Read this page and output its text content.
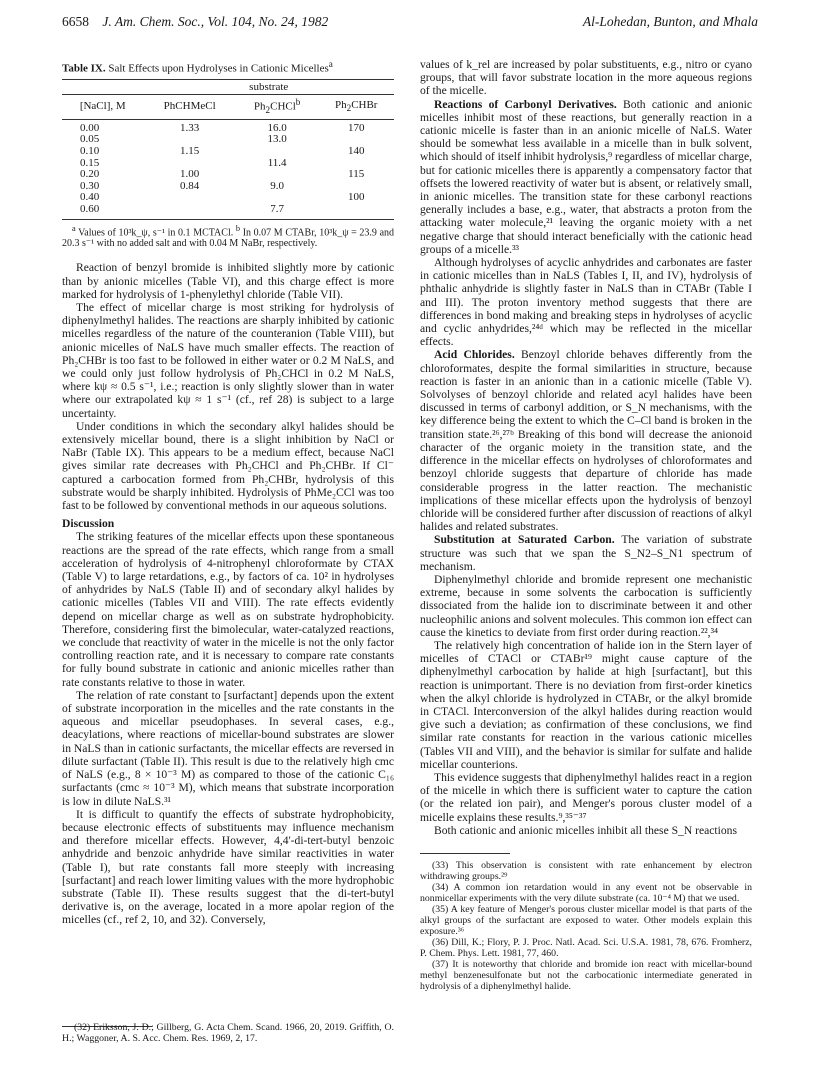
6658 J. Am. Chem. Soc., Vol. 104, No. 24, 1982	Al-Lohedan, Bunton, and Mhala

Table IX. Salt Effects upon Hydrolyses in Cationic Micelles$^a$

	substrate		
[NaCl], M	PhCHMeCl	$Ph_2CHCl^b$	$Ph_2CHBr$
0.00	1.33	16.0	170
0.05		13.0	
0.10	1.15		140
0.15		11.4	
0.20	1.00		115
0.30	0.84	9.0	
0.40			100
0.60		7.7	

$^a$ Values of 10³k_ψ, s⁻¹ in 0.1 MCTACl. $^b$ In 0.07 M CTABr, 10³k_ψ = 23.9 and 20.3 s⁻¹ with no added salt and with 0.04 M NaBr, respectively.

Reaction of benzyl bromide is inhibited slightly more by cationic than by anionic micelles (Table VI), and this charge effect is more marked for hydrolysis of 1-phenylethyl chloride (Table VII).

The effect of micellar charge is most striking for hydrolysis of diphenylmethyl halides. The reactions are sharply inhibited by cationic micelles regardless of the nature of the counteranion (Table VIII), but anionic micelles of NaLS have much smaller effects. The reaction of Ph₂CHBr is too fast to be followed in either water or 0.2 M NaLS, and we could only just follow hydrolysis of Ph₂CHCl in 0.2 M NaLS, where kψ ≈ 0.5 s⁻¹, i.e.; reaction is only slightly slower than in water where our extrapolated kψ ≈ 1 s⁻¹ (cf., ref 28) is subject to a large uncertainty.

Under conditions in which the secondary alkyl halides should be extensively micellar bound, there is a slight inhibition by NaCl or NaBr (Table IX). This appears to be a medium effect, because NaCl gives similar rate decreases with Ph₂CHCl and Ph₂CHBr. If Cl⁻ captured a carbocation formed from Ph₂CHBr, hydrolysis of this substrate would be sharply inhibited. Hydrolysis of PhMe₂CCl was too fast to be followed by conventional methods in our aqueous solutions.

Discussion

The striking features of the micellar effects upon these spontaneous reactions are the spread of the rate effects, which range from a small acceleration of hydrolysis of 4-nitrophenyl chloroformate by CTAX (Table V) to large retardations, e.g., by factors of ca. 10² in hydrolyses of anhydrides by NaLS (Table II) and of secondary alkyl halides by cationic micelles (Tables VII and VIII). The rate effects evidently depend on micellar charge as well as on substrate hydrophobicity. Therefore, considering first the bimolecular, water-catalyzed reactions, we conclude that reactivity of water in the micelle is not the only factor controlling reaction rate, and it is necessary to compare rate constants for fully bound substrate in cationic and anionic micelles rather than rate constants relative to those in water.

The relation of rate constant to [surfactant] depends upon the extent of substrate incorporation in the micelles and the rate constants in the aqueous and micellar pseudophases. In several cases, e.g., deacylations, where reactions of micellar-bound substrates are slower in NaLS than in cationic surfactants, the micellar effects are reversed in dilute surfactant (Table II). This result is due to the relatively high cmc of NaLS (e.g., 8 × 10⁻³ M) as compared to those of the cationic C₁₆ surfactants (cmc ≈ 10⁻³ M), which means that substrate incorporation is low in dilute NaLS.³¹

It is difficult to quantify the effects of substrate hydrophobicity, because electronic effects of substituents may influence mechanism and therefore micellar effects. However, 4,4'-di-tert-butyl benzoic anhydride and benzoic anhydride have similar reactivities in water (Table I), but rate constants fall more steeply with increasing [surfactant] and reach lower limiting values with the more hydrophobic substrate (Table II). These results suggest that the di-tert-butyl derivative is, on the average, located in a more apolar region of the micelles (cf., ref 2, 10, and 32). Conversely,

(32) Eriksson, J. D.; Gillberg, G. Acta Chem. Scand. 1966, 20, 2019. Griffith, O. H.; Waggoner, A. S. Acc. Chem. Res. 1969, 2, 17.

values of k_rel are increased by polar substituents, e.g., nitro or cyano groups, that will favor substrate location in the more aqueous regions of the micelle.

Reactions of Carbonyl Derivatives. Both cationic and anionic micelles inhibit most of these reactions, but generally reaction in a cationic micelle is faster than in an anionic micelle of NaLS. Water should be somewhat less available in a micelle than in bulk solvent, which should of itself inhibit hydrolysis,⁹ regardless of micellar charge, but for cationic micelles there is apparently a compensatory factor that offsets the lowered reactivity of water but is absent, or relatively small, in anionic micelles. The transition state for these carbonyl reactions generally includes a base, e.g., water, that abstracts a proton from the attacking water molecule,²¹ leaving the organic moiety with a net negative charge that should interact beneficially with the cationic head groups of a micelle.³³

Although hydrolyses of acyclic anhydrides and carbonates are faster in cationic micelles than in NaLS (Tables I, II, and IV), hydrolysis of phthalic anhydride is slightly faster in NaLS than in CTABr (Table I and III). The proton inventory method suggests that there are differences in bond making and breaking steps in hydrolyses of acyclic and cyclic anhydrides,²⁴ᵈ which may be reflected in the micellar effects.

Acid Chlorides. Benzoyl chloride behaves differently from the chloroformates, despite the formal similarities in structure, because reaction is faster in an anionic than in a cationic micelle (Table V). Solvolyses of benzoyl chloride and related acyl halides have been discussed in terms of carbonyl addition, or S_N mechanisms, with the key difference being the extent to which the C–Cl band is broken in the transition state.²⁶,²⁷ᵇ Breaking of this bond will decrease the anionoid character of the organic moiety in the transition state, and the difference in the micellar effects on hydrolyses of chloroformates and benzoyl chloride suggests that departure of chloride has made considerable progress in the latter reaction. The mechanistic implications of these micellar effects upon the hydrolysis of benzoyl chloride will be considered further after discussion of reactions of alkyl halides and related substrates.

Substitution at Saturated Carbon. The variation of substrate structure was such that we span the S_N2–S_N1 spectrum of mechanism.

Diphenylmethyl chloride and bromide represent one mechanistic extreme, because in some solvents the carbocation is sufficiently dissociated from the halide ion to discriminate between it and other nucleophilic anions and solvent molecules. This common ion effect can cause the kinetics to deviate from first order during reaction.²²,³⁴

The relatively high concentration of halide ion in the Stern layer of micelles of CTACl or CTABr¹⁹ might cause capture of the diphenylmethyl carbocation by halide at high [surfactant], but this reaction is unimportant. There is no deviation from first-order kinetics when the alkyl chloride is hydrolyzed in CTABr, or the alkyl bromide in CTACl. Interconversion of the alkyl halides during reaction would give such a deviation; as confirmation of these conclusions, we find similar rate constants for reaction in the various cationic micelles (Tables VII and VIII), and the behavior is similar for sulfate and halide micellar counterions.

This evidence suggests that diphenylmethyl halides react in a region of the micelle in which there is sufficient water to capture the cation (or the related ion pair), and Menger's porous cluster model of a micelle explains these results.⁹,³⁵⁻³⁷

Both cationic and anionic micelles inhibit all these S_N reactions

(33) This observation is consistent with rate enhancement by electron withdrawing groups.²⁹

(34) A common ion retardation would in any event not be observable in nonmicellar experiments with the very dilute substrate (ca. 10⁻⁴ M) that we used.

(35) A key feature of Menger's porous cluster micellar model is that parts of the alkyl groups of the surfactant are exposed to water. Other models explain this exposure.³⁶

(36) Dill, K.; Flory, P. J. Proc. Natl. Acad. Sci. U.S.A. 1981, 78, 676. Fromherz, P. Chem. Phys. Lett. 1981, 77, 460.

(37) It is noteworthy that chloride and bromide ion react with micellar-bound methyl benzenesulfonate but not the carbocationic intermediate generated in hydrolysis of a diphenylmethyl halide.
